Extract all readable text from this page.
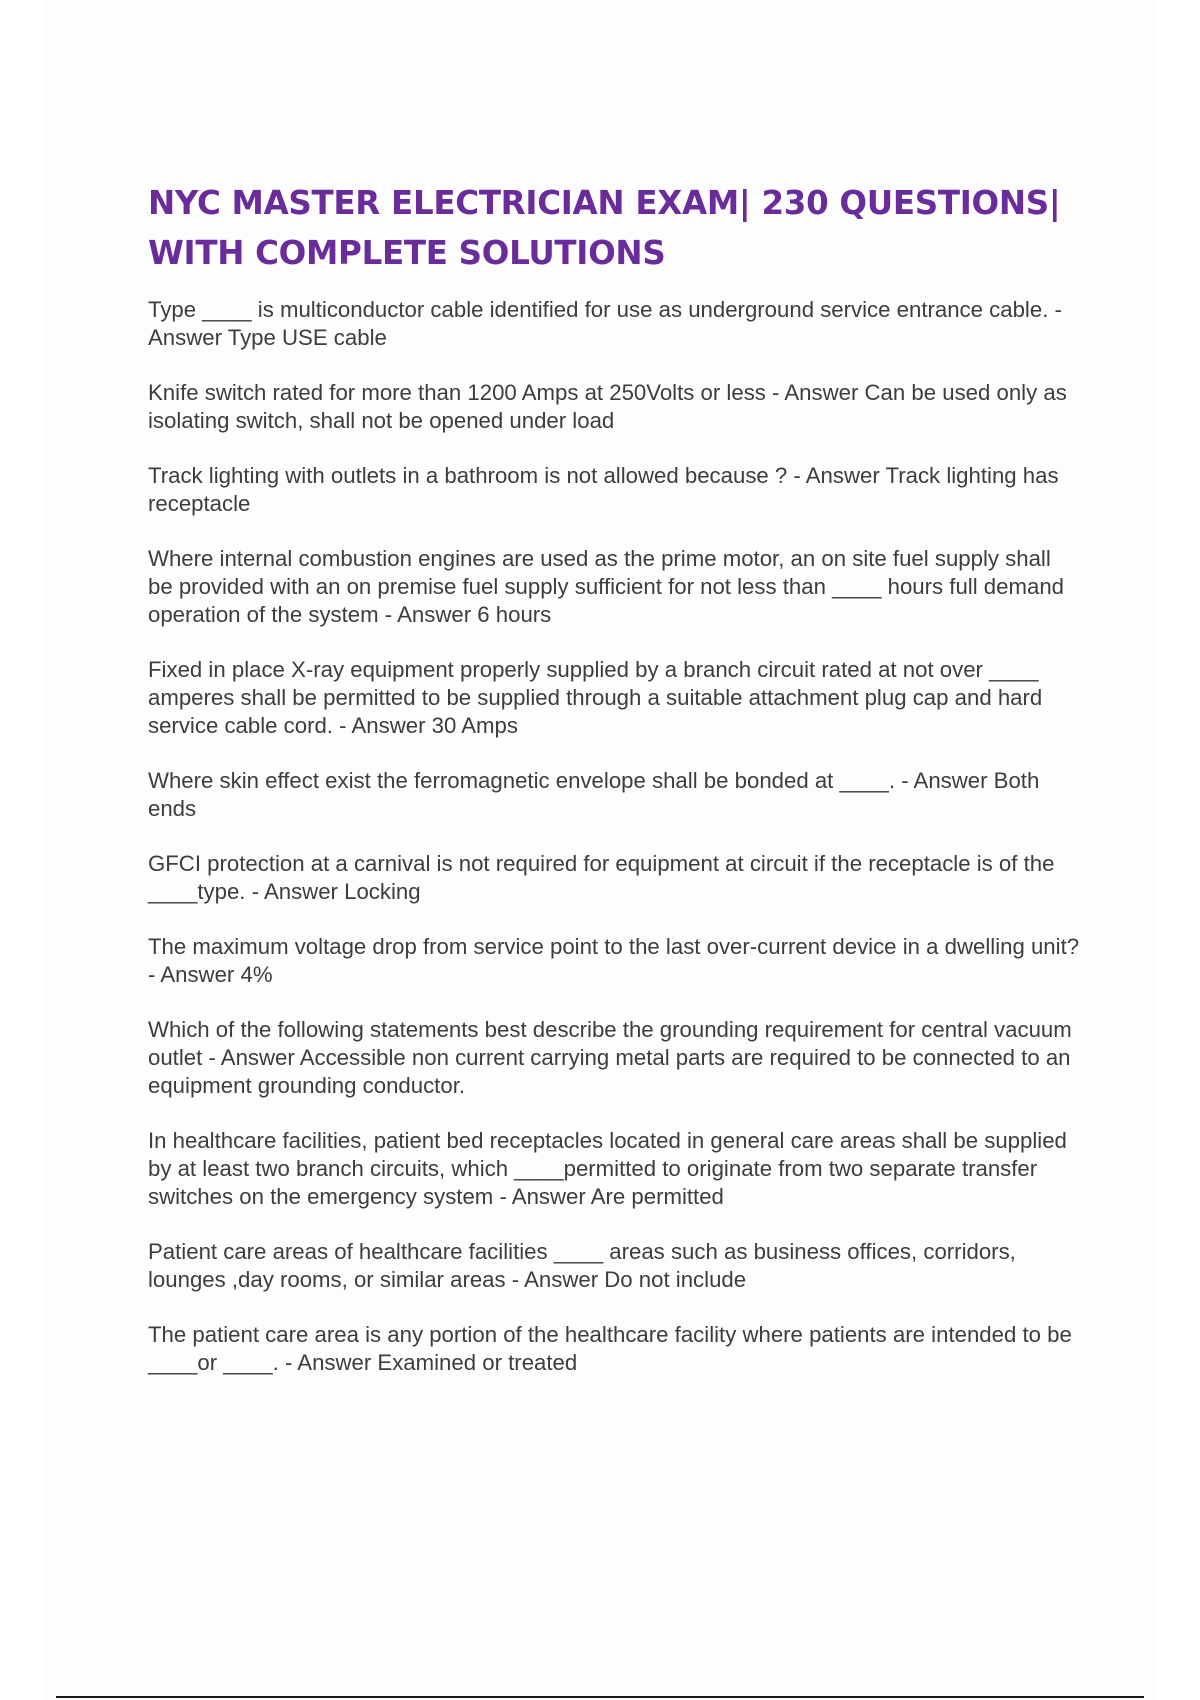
NYC MASTER ELECTRICIAN EXAM| 230 QUESTIONS| WITH COMPLETE SOLUTIONS

Type ____ is multiconductor cable identified for use as underground service entrance cable. - Answer Type USE cable

Knife switch rated for more than 1200 Amps at 250Volts or less - Answer Can be used only as isolating switch, shall not be opened under load

Track lighting with outlets in a bathroom is not allowed because ? - Answer Track lighting has receptacle

Where internal combustion engines are used as the prime motor, an on site fuel supply shall be provided with an on premise fuel supply sufficient for not less than ____ hours full demand operation of the system - Answer 6 hours

Fixed in place X-ray equipment properly supplied by a branch circuit rated at not over ____ amperes shall be permitted to be supplied through a suitable attachment plug cap and hard service cable cord. - Answer 30 Amps

Where skin effect exist the ferromagnetic envelope shall be bonded at ____. - Answer Both ends

GFCI protection at a carnival is not required for equipment at circuit if the receptacle is of the ____type. - Answer Locking

The maximum voltage drop from service point to the last over-current device in a dwelling unit? - Answer 4%

Which of the following statements best describe the grounding requirement for central vacuum outlet - Answer Accessible non current carrying metal parts are required to be connected to an equipment grounding conductor.

In healthcare facilities, patient bed receptacles located in general care areas shall be supplied by at least two branch circuits, which ____permitted to originate from two separate transfer switches on the emergency system - Answer Are permitted

Patient care areas of healthcare facilities ____ areas such as business offices, corridors, lounges ,day rooms, or similar areas - Answer Do not include

The patient care area is any portion of the healthcare facility where patients are intended to be ____or ____. - Answer Examined or treated
